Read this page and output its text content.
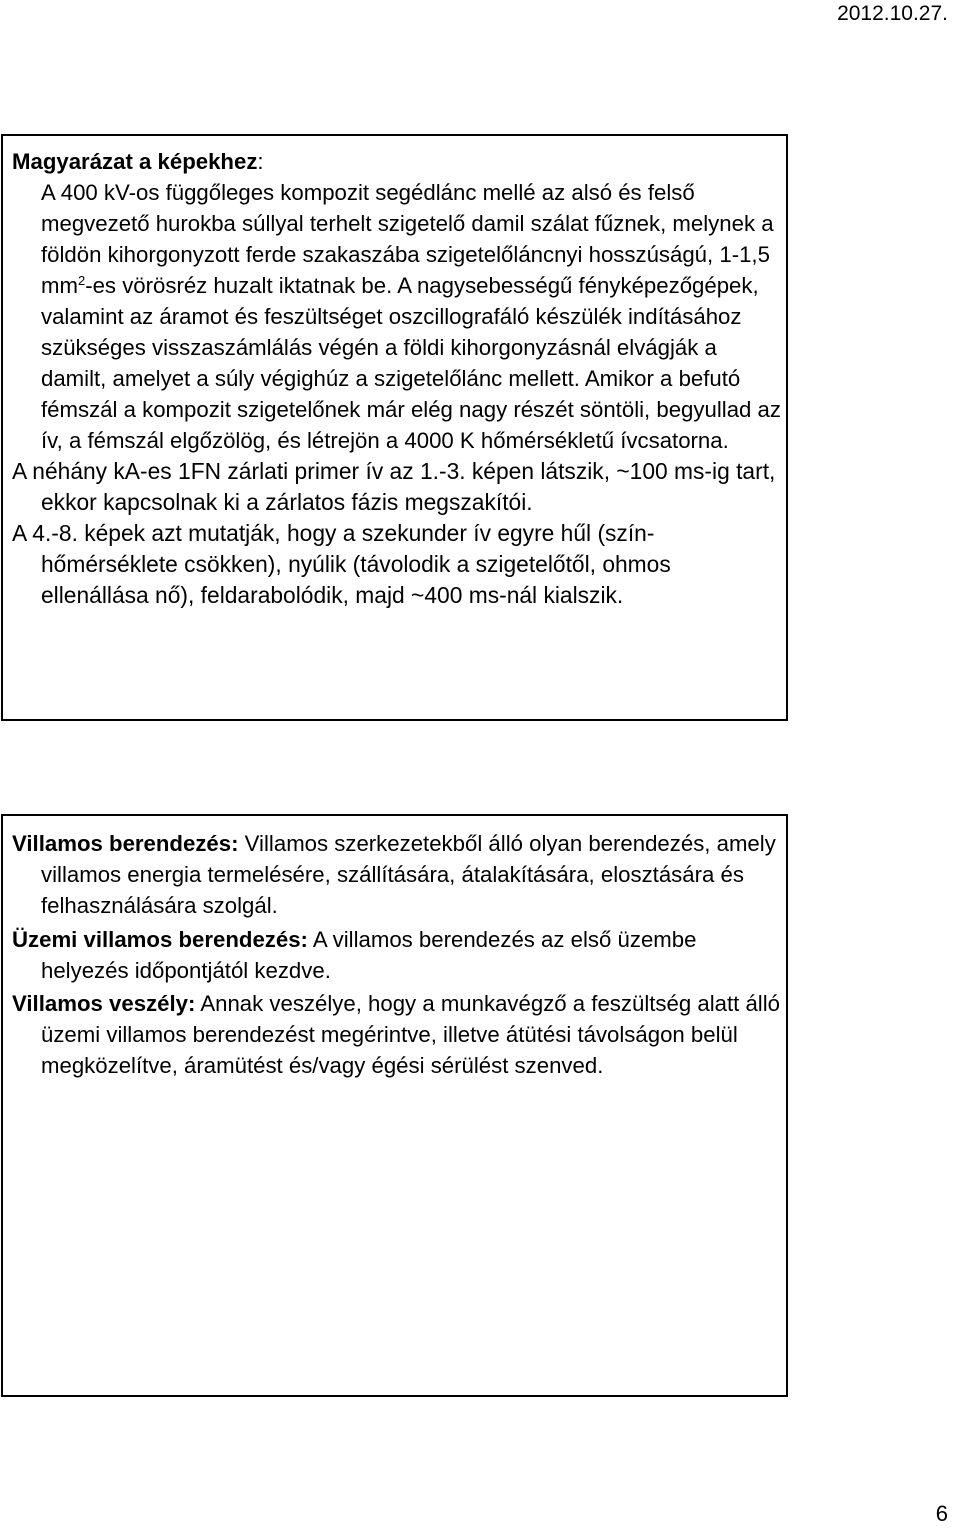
2012.10.27.

Magyarázat a képekhez:
A 400 kV-os függőleges kompozit segédlánc mellé az alsó és felső megvezető hurokba súllyal terhelt szigetelő damil szálat fűznek, melynek a földön kihorgonyzott ferde szakaszába szigetelőláncnyi hosszúságú, 1-1,5 $mm^2-es$ vörösréz huzalt iktatnak be. A nagysebességű fényképezőgépek, valamint az áramot és feszültséget oszcillografáló készülék indításához szükséges visszaszámlálás végén a földi kihorgonyzásnál elvágják a damilt, amelyet a súly végighúz a szigetelőlánc mellett. Amikor a befutó fémszál a kompozit szigetelőnek már elég nagy részét söntöli, begyullad az ív, a fémszál elgőzölög, és létrejön a 4000 K hőmérsékletű ívcsatorna.

A néhány kA-es 1FN zárlati primer ív az 1.-3. képen látszik, ~100 ms-ig tart, ekkor kapcsolnak ki a zárlatos fázis megszakítói.

A 4.-8. képek azt mutatják, hogy a szekunder ív egyre hűl (szín-hőmérséklete csökken), nyúlik (távolodik a szigetelőtől, ohmos ellenállása nő), feldarabolódik, majd ~400 ms-nál kialszik.

Villamos berendezés: Villamos szerkezetekből álló olyan berendezés, amely villamos energia termelésére, szállítására, átalakítására, elosztására és felhasználására szolgál.

Üzemi villamos berendezés: A villamos berendezés az első üzembe helyezés időpontjától kezdve.

Villamos veszély: Annak veszélye, hogy a munkavégző a feszültség alatt álló üzemi villamos berendezést megérintve, illetve átütési távolságon belül megközelítve, áramütést és/vagy égési sérülést szenved.

6
